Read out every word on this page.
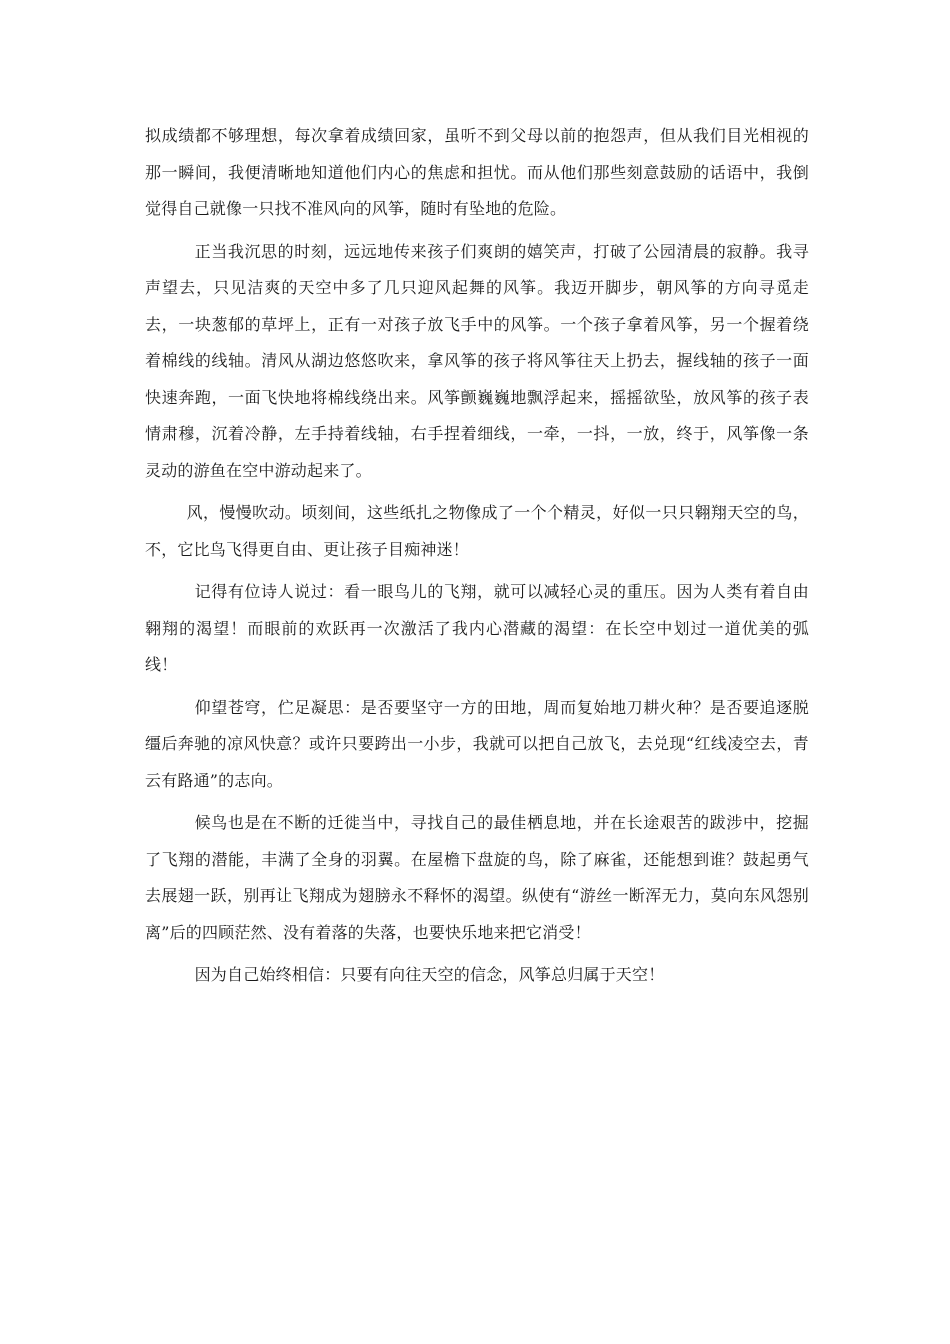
拟成绩都不够理想，每次拿着成绩回家，虽听不到父母以前的抱怨声，但从我们目光相视的那一瞬间，我便清晰地知道他们内心的焦虑和担忧。而从他们那些刻意鼓励的话语中，我倒觉得自己就像一只找不准风向的风筝，随时有坠地的危险。

正当我沉思的时刻，远远地传来孩子们爽朗的嬉笑声，打破了公园清晨的寂静。我寻声望去，只见洁爽的天空中多了几只迎风起舞的风筝。我迈开脚步，朝风筝的方向寻觅走去，一块葱郁的草坪上，正有一对孩子放飞手中的风筝。一个孩子拿着风筝，另一个握着绕着棉线的线轴。清风从湖边悠悠吹来，拿风筝的孩子将风筝往天上扔去，握线轴的孩子一面快速奔跑，一面飞快地将棉线绕出来。风筝颤巍巍地飘浮起来，摇摇欲坠，放风筝的孩子表情肃穆，沉着冷静，左手持着线轴，右手捏着细线，一牵，一抖，一放，终于，风筝像一条灵动的游鱼在空中游动起来了。

风，慢慢吹动。顷刻间，这些纸扎之物像成了一个个精灵，好似一只只翱翔天空的鸟，不，它比鸟飞得更自由、更让孩子目痴神迷！

记得有位诗人说过：看一眼鸟儿的飞翔，就可以减轻心灵的重压。因为人类有着自由翱翔的渴望！而眼前的欢跃再一次激活了我内心潜藏的渴望：在长空中划过一道优美的弧线！

仰望苍穹，伫足凝思：是否要坚守一方的田地，周而复始地刀耕火种？是否要追逐脱缰后奔驰的凉风快意？或许只要跨出一小步，我就可以把自己放飞，去兑现“红线凌空去，青云有路通”的志向。

候鸟也是在不断的迁徙当中，寻找自己的最佳栖息地，并在长途艰苦的跋涉中，挖掘了飞翔的潜能，丰满了全身的羽翼。在屋檐下盘旋的鸟，除了麻雀，还能想到谁？鼓起勇气去展翅一跃，别再让飞翔成为翅膀永不释怀的渴望。纵使有“游丝一断浑无力，莫向东风怨别离”后的四顾茫然、没有着落的失落，也要快乐地来把它消受！

因为自己始终相信：只要有向往天空的信念，风筝总归属于天空！
